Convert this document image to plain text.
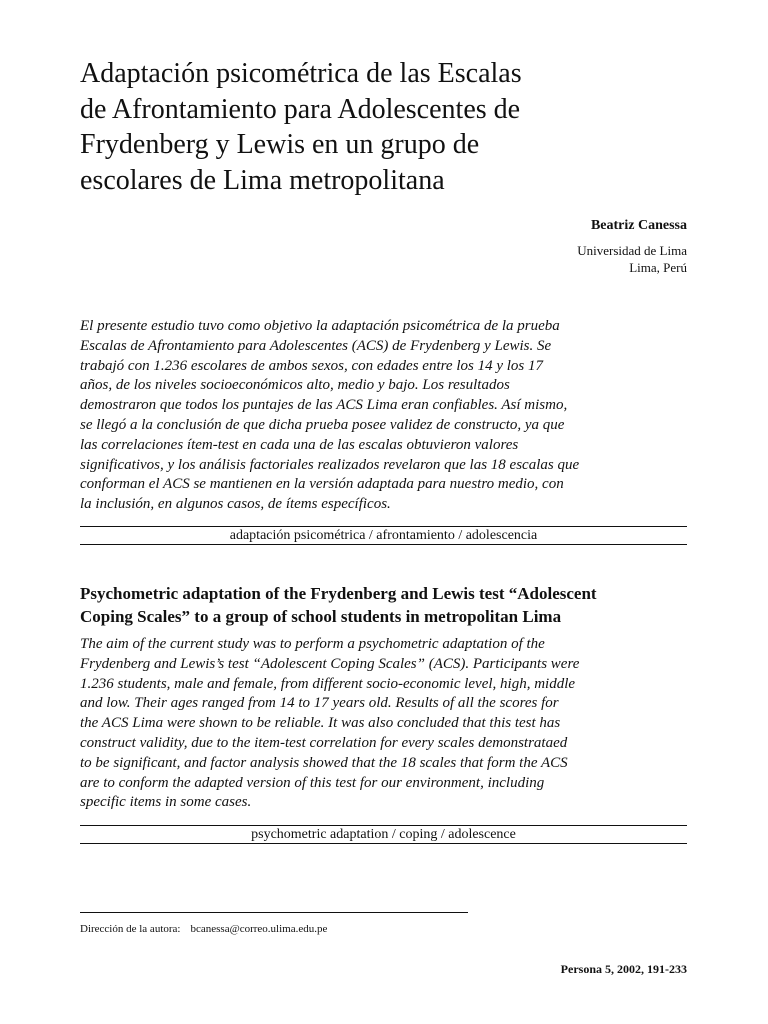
Adaptación psicométrica de las Escalas
de Afrontamiento para Adolescentes de
Frydenberg y Lewis en un grupo de
escolares de Lima metropolitana
Beatriz Canessa
Universidad de Lima
Lima, Perú
El presente estudio tuvo como objetivo la adaptación psicométrica de la prueba
Escalas de Afrontamiento para Adolescentes (ACS) de Frydenberg y Lewis. Se
trabajó con 1.236 escolares de ambos sexos, con edades entre los 14 y los 17
años, de los niveles socioeconómicos alto, medio y bajo. Los resultados
demostraron que todos los puntajes de las ACS Lima eran confiables. Así mismo,
se llegó a la conclusión de que dicha prueba posee validez de constructo, ya que
las correlaciones ítem-test en cada una de las escalas obtuvieron valores
significativos, y los análisis factoriales realizados revelaron que las 18 escalas que
conforman el ACS se mantienen en la versión adaptada para nuestro medio, con
la inclusión, en algunos casos, de ítems específicos.
adaptación psicométrica / afrontamiento / adolescencia
Psychometric adaptation of the Frydenberg and Lewis test “Adolescent
Coping Scales” to a group of school students in metropolitan Lima
The aim of the current study was to perform a psychometric adaptation of the
Frydenberg and Lewis’s test “Adolescent Coping Scales” (ACS). Participants were
1.236 students, male and female, from different socio-economic level, high, middle
and low. Their ages ranged from 14 to 17 years old. Results of all the scores for
the ACS Lima were shown to be reliable. It was also concluded that this test has
construct validity, due to the item-test correlation for every scales demonstrataed
to be significant, and factor analysis showed that the 18 scales that form the ACS
are to conform the adapted version of this test for our environment, including
specific items in some cases.
psychometric adaptation / coping / adolescence
Dirección de la autora: bcanessa@correo.ulima.edu.pe
Persona 5, 2002, 191-233
